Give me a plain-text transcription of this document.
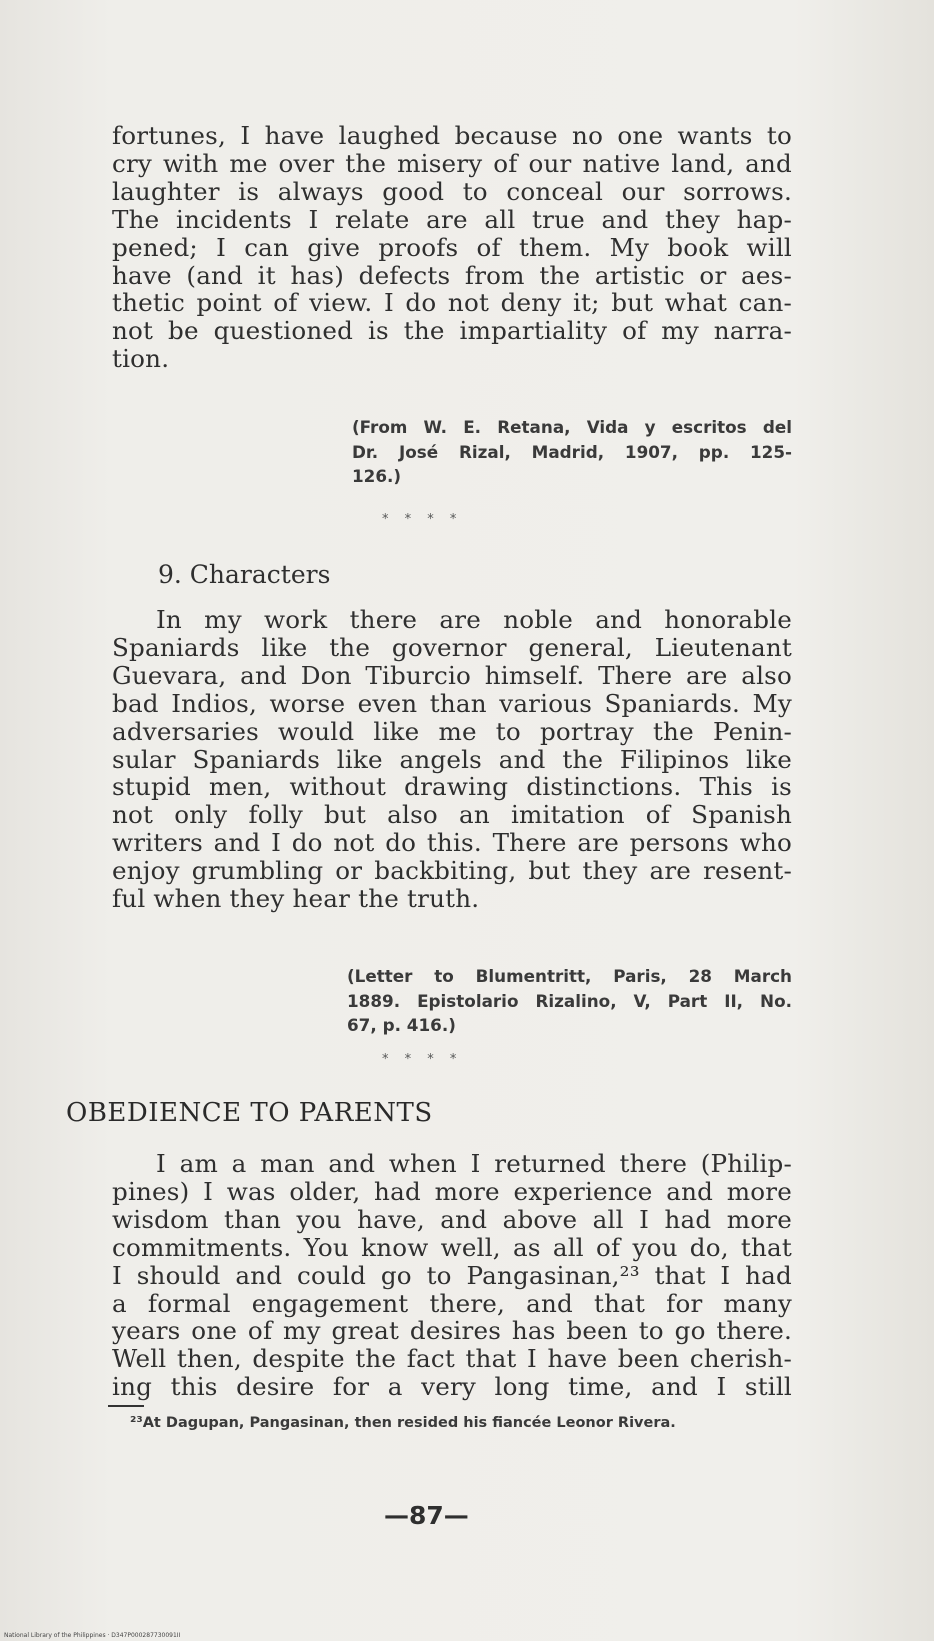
fortunes, I have laughed because no one wants to
cry with me over the misery of our native land, and
laughter is always good to conceal our sorrows.
The incidents I relate are all true and they hap-
pened; I can give proofs of them. My book will
have (and it has) defects from the artistic or aes-
thetic point of view. I do not deny it; but what can-
not be questioned is the impartiality of my narra-
tion.

(From W. E. Retana, Vida y escritos del
Dr. José Rizal, Madrid, 1907, pp. 125-
126.)

* * * *
9. Characters

In my work there are noble and honorable
Spaniards like the governor general, Lieutenant
Guevara, and Don Tiburcio himself. There are also
bad Indios, worse even than various Spaniards. My
adversaries would like me to portray the Penin-
sular Spaniards like angels and the Filipinos like
stupid men, without drawing distinctions. This is
not only folly but also an imitation of Spanish
writers and I do not do this. There are persons who
enjoy grumbling or backbiting, but they are resent-
ful when they hear the truth.

(Letter to Blumentritt, Paris, 28 March
1889. Epistolario Rizalino, V, Part II, No.
67, p. 416.)

* * * *
OBEDIENCE TO PARENTS

I am a man and when I returned there (Philip-
pines) I was older, had more experience and more
wisdom than you have, and above all I had more
commitments. You know well, as all of you do, that
I should and could go to Pangasinan,²³ that I had
a formal engagement there, and that for many
years one of my great desires has been to go there.
Well then, despite the fact that I have been cherish-
ing this desire for a very long time, and I still

²³At Dagupan, Pangasinan, then resided his fiancée Leonor Rivera.
—87—
National Library of the Philippines · D347P000287730091II
